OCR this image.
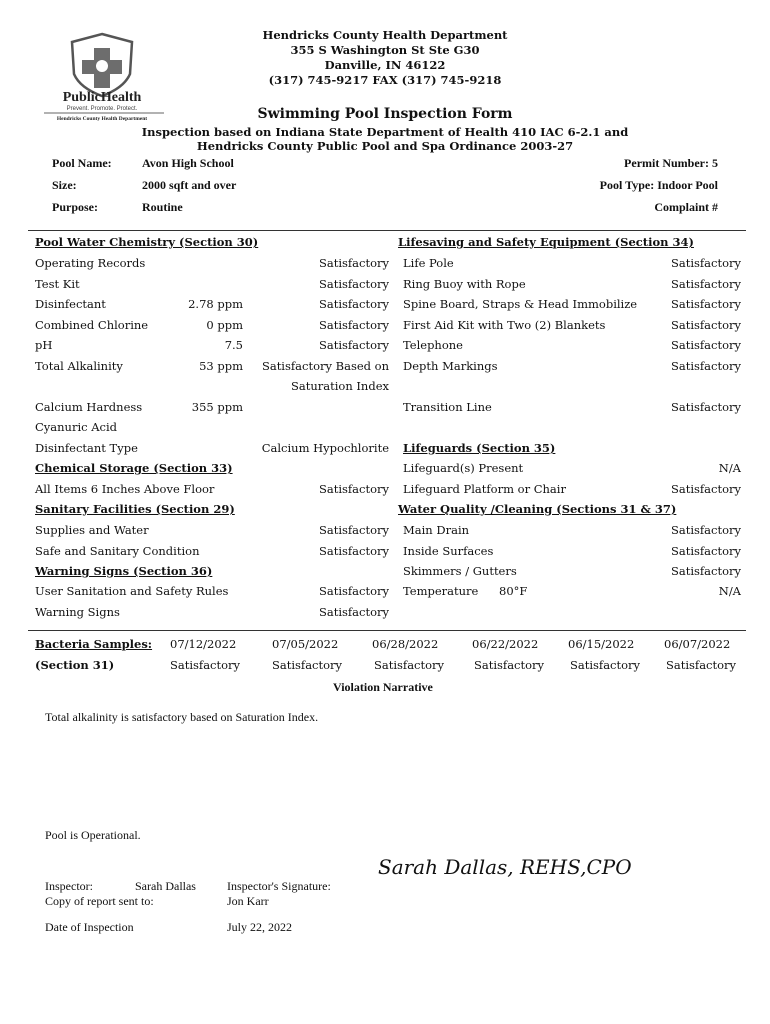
PublicHealth
Prevent. Promote. Protect.
Hendricks County Health Department
Hendricks County Health Department
355 S Washington St Ste G30
Danville, IN 46122
(317) 745-9217 FAX (317) 745-9218
Swimming Pool Inspection Form
Inspection based on Indiana State Department of Health 410 IAC 6-2.1 and
Hendricks County Public Pool and Spa Ordinance 2003-27
Pool Name:	Avon High School
Size:	2000 sqft and over
Purpose:	Routine
Permit Number: 5
Pool Type: Indoor Pool
Complaint #
Pool Water Chemistry (Section 30)
Operating Records	Satisfactory
Test Kit	Satisfactory
Disinfectant	2.78 ppm	Satisfactory
Combined Chlorine	0 ppm	Satisfactory
pH	7.5	Satisfactory
Total Alkalinity	53 ppm Satisfactory Based on
Saturation Index
Calcium Hardness	355 ppm
Cyanuric Acid
Disinfectant Type	Calcium Hypochlorite
Chemical Storage (Section 33)
All Items 6 Inches Above Floor	Satisfactory
Sanitary Facilities (Section 29)
Supplies and Water	Satisfactory
Safe and Sanitary Condition	Satisfactory
Warning Signs (Section 36)
User Sanitation and Safety Rules	Satisfactory
Warning Signs	Satisfactory
Lifesaving and Safety Equipment (Section 34)
Life Pole	Satisfactory
Ring Buoy with Rope	Satisfactory
Spine Board, Straps & Head Immobilize	Satisfactory
First Aid Kit with Two (2) Blankets	Satisfactory
Telephone	Satisfactory
Depth Markings	Satisfactory
Transition Line	Satisfactory
Lifeguards (Section 35)
Lifeguard(s) Present	N/A
Lifeguard Platform or Chair	Satisfactory
Water Quality /Cleaning (Sections 31 & 37)
Main Drain	Satisfactory
Inside Surfaces	Satisfactory
Skimmers / Gutters	Satisfactory
Temperature 80°F	N/A
Bacteria Samples:
(Section 31)
07/12/2022	07/05/2022	06/28/2022	06/22/2022	06/15/2022	06/07/2022
Satisfactory	Satisfactory	Satisfactory	Satisfactory Satisfactory Satisfactory
Violation Narrative
Total alkalinity is satisfactory based on Saturation Index.
Pool is Operational.
Inspector:	Sarah Dallas	Inspector's Signature:
Sarah Dallas, REHS,CPO
Copy of report sent to:	Jon Karr
Date of Inspection	July 22, 2022
